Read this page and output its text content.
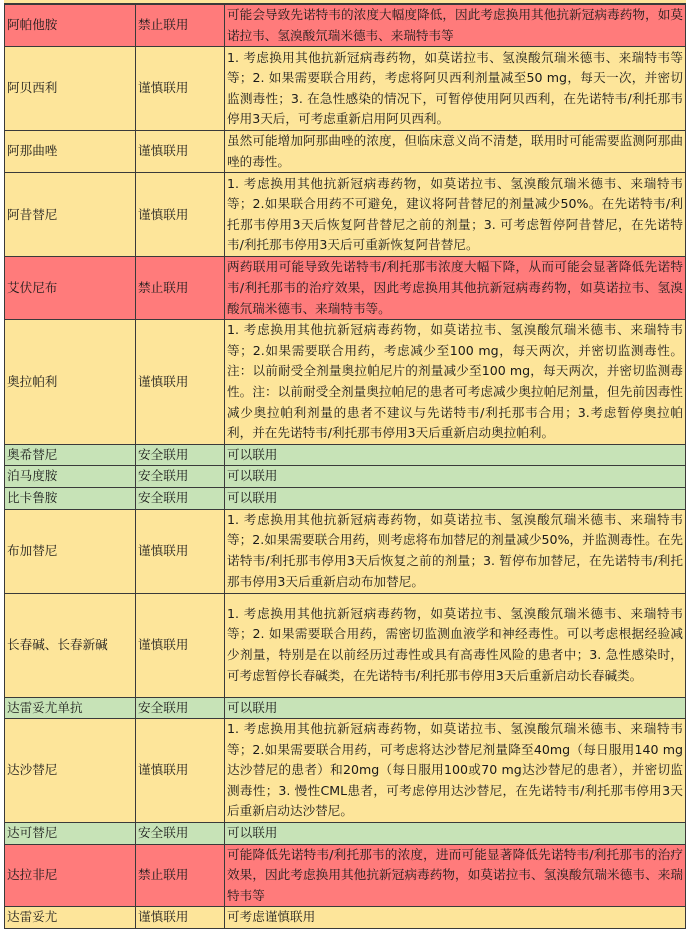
阿帕他胺	禁止联用	可能会导致先诺特韦的浓度大幅度降低，因此考虑换用其他抗新冠病毒药物，如莫诺拉韦、氢溴酸氘瑞米德韦、来瑞特韦等
阿贝西利	谨慎联用	1. 考虑换用其他抗新冠病毒药物，如莫诺拉韦、氢溴酸氘瑞米德韦、来瑞特韦等等；2. 如果需要联合用药，考虑将阿贝西利剂量减至50 mg，每天一次，并密切监测毒性；3. 在急性感染的情况下，可暂停使用阿贝西利，在先诺特韦/利托那韦停用3天后，可考虑重新启用阿贝西利。
阿那曲唑	谨慎联用	虽然可能增加阿那曲唑的浓度，但临床意义尚不清楚，联用时可能需要监测阿那曲唑的毒性。
阿昔替尼	谨慎联用	1. 考虑换用其他抗新冠病毒药物，如莫诺拉韦、氢溴酸氘瑞米德韦、来瑞特韦等；2.如果联合用药不可避免，建议将阿昔替尼的剂量减少50%。在先诺特韦/利托那韦停用3天后恢复阿昔替尼之前的剂量；3. 可考虑暂停阿昔替尼，在先诺特韦/利托那韦停用3天后可重新恢复阿昔替尼。
艾伏尼布	禁止联用	两药联用可能导致先诺特韦/利托那韦浓度大幅下降，从而可能会显著降低先诺特韦/利托那韦的治疗效果，因此考虑换用其他抗新冠病毒药物，如莫诺拉韦、氢溴酸氘瑞米德韦、来瑞特韦等。
奥拉帕利	谨慎联用	1. 考虑换用其他抗新冠病毒药物，如莫诺拉韦、氢溴酸氘瑞米德韦、来瑞特韦等；2.如果需要联合用药，考虑减少至100 mg，每天两次，并密切监测毒性。注：以前耐受全剂量奥拉帕尼片的剂量减少至100 mg，每天两次，并密切监测毒性。注：以前耐受全剂量奥拉帕尼的患者可考虑减少奥拉帕尼剂量，但先前因毒性减少奥拉帕利剂量的患者不建议与先诺特韦/利托那韦合用；3.考虑暂停奥拉帕利，并在先诺特韦/利托那韦停用3天后重新启动奥拉帕利。
奥希替尼	安全联用	可以联用
泊马度胺	安全联用	可以联用
比卡鲁胺	安全联用	可以联用
布加替尼	谨慎联用	1. 考虑换用其他抗新冠病毒药物，如莫诺拉韦、氢溴酸氘瑞米德韦、来瑞特韦等；2.如果需要联合用药，则考虑将布加替尼的剂量减少50%，并监测毒性。在先诺特韦/利托那韦停用3天后恢复之前的剂量；3. 暂停布加替尼，在先诺特韦/利托那韦停用3天后重新启动布加替尼。
长春碱、长春新碱	谨慎联用	1. 考虑换用其他抗新冠病毒药物，如莫诺拉韦、氢溴酸氘瑞米德韦、来瑞特韦等；2. 如果需要联合用药，需密切监测血液学和神经毒性。可以考虑根据经验减少剂量，特别是在以前经历过毒性或具有高毒性风险的患者中；3. 急性感染时，可考虑暂停长春碱类，在先诺特韦/利托那韦停用3天后重新启动长春碱类。
达雷妥尤单抗	安全联用	可以联用
达沙替尼	谨慎联用	1. 考虑换用其他抗新冠病毒药物，如莫诺拉韦、氢溴酸氘瑞米德韦、来瑞特韦等；2.如果需要联合用药，可考虑将达沙替尼剂量降至40mg（每日服用140 mg达沙替尼的患者）和20mg（每日服用100或70 mg达沙替尼的患者），并密切监测毒性；3. 慢性CML患者，可考虑停用达沙替尼，在先诺特韦/利托那韦停用3天后重新启动达沙替尼。
达可替尼	安全联用	可以联用
达拉非尼	禁止联用	可能降低先诺特韦/利托那韦的浓度，进而可能显著降低先诺特韦/利托那韦的治疗效果，因此考虑换用其他抗新冠病毒药物，如莫诺拉韦、氢溴酸氘瑞米德韦、来瑞特韦等
达雷妥尤	谨慎联用	可考虑谨慎联用
